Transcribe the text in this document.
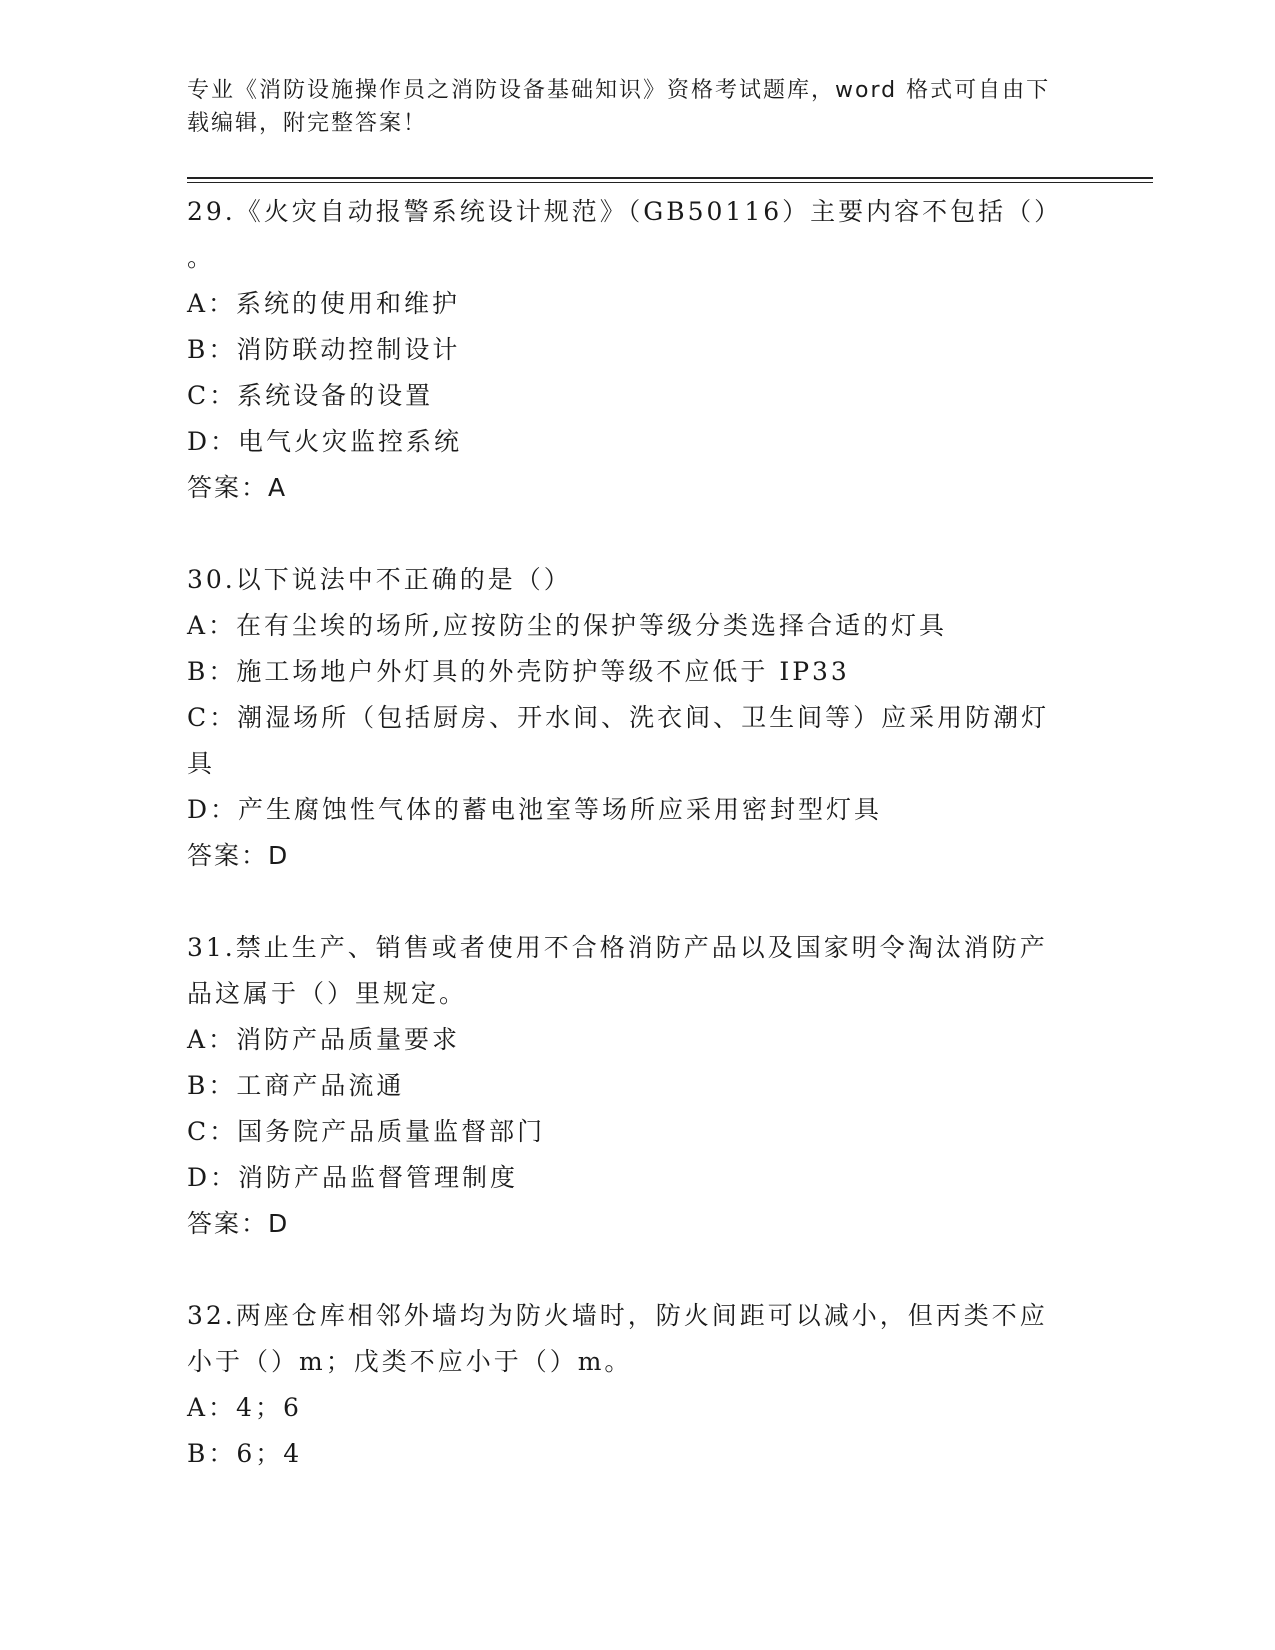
专业《消防设施操作员之消防设备基础知识》资格考试题库，word 格式可自由下
载编辑，附完整答案！
29.《火灾自动报警系统设计规范》（GB50116）主要内容不包括（）
。
A：系统的使用和维护
B：消防联动控制设计
C：系统设备的设置
D：电气火灾监控系统
答案：A
30.以下说法中不正确的是（）
A：在有尘埃的场所,应按防尘的保护等级分类选择合适的灯具
B：施工场地户外灯具的外壳防护等级不应低于 IP33
C：潮湿场所（包括厨房、开水间、洗衣间、卫生间等）应采用防潮灯
具
D：产生腐蚀性气体的蓄电池室等场所应采用密封型灯具
答案：D
31.禁止生产、销售或者使用不合格消防产品以及国家明令淘汰消防产
品这属于（）里规定。
A：消防产品质量要求
B：工商产品流通
C：国务院产品质量监督部门
D：消防产品监督管理制度
答案：D
32.两座仓库相邻外墙均为防火墙时，防火间距可以减小，但丙类不应
小于（）m；戊类不应小于（）m。
A：4；6
B：6；4
